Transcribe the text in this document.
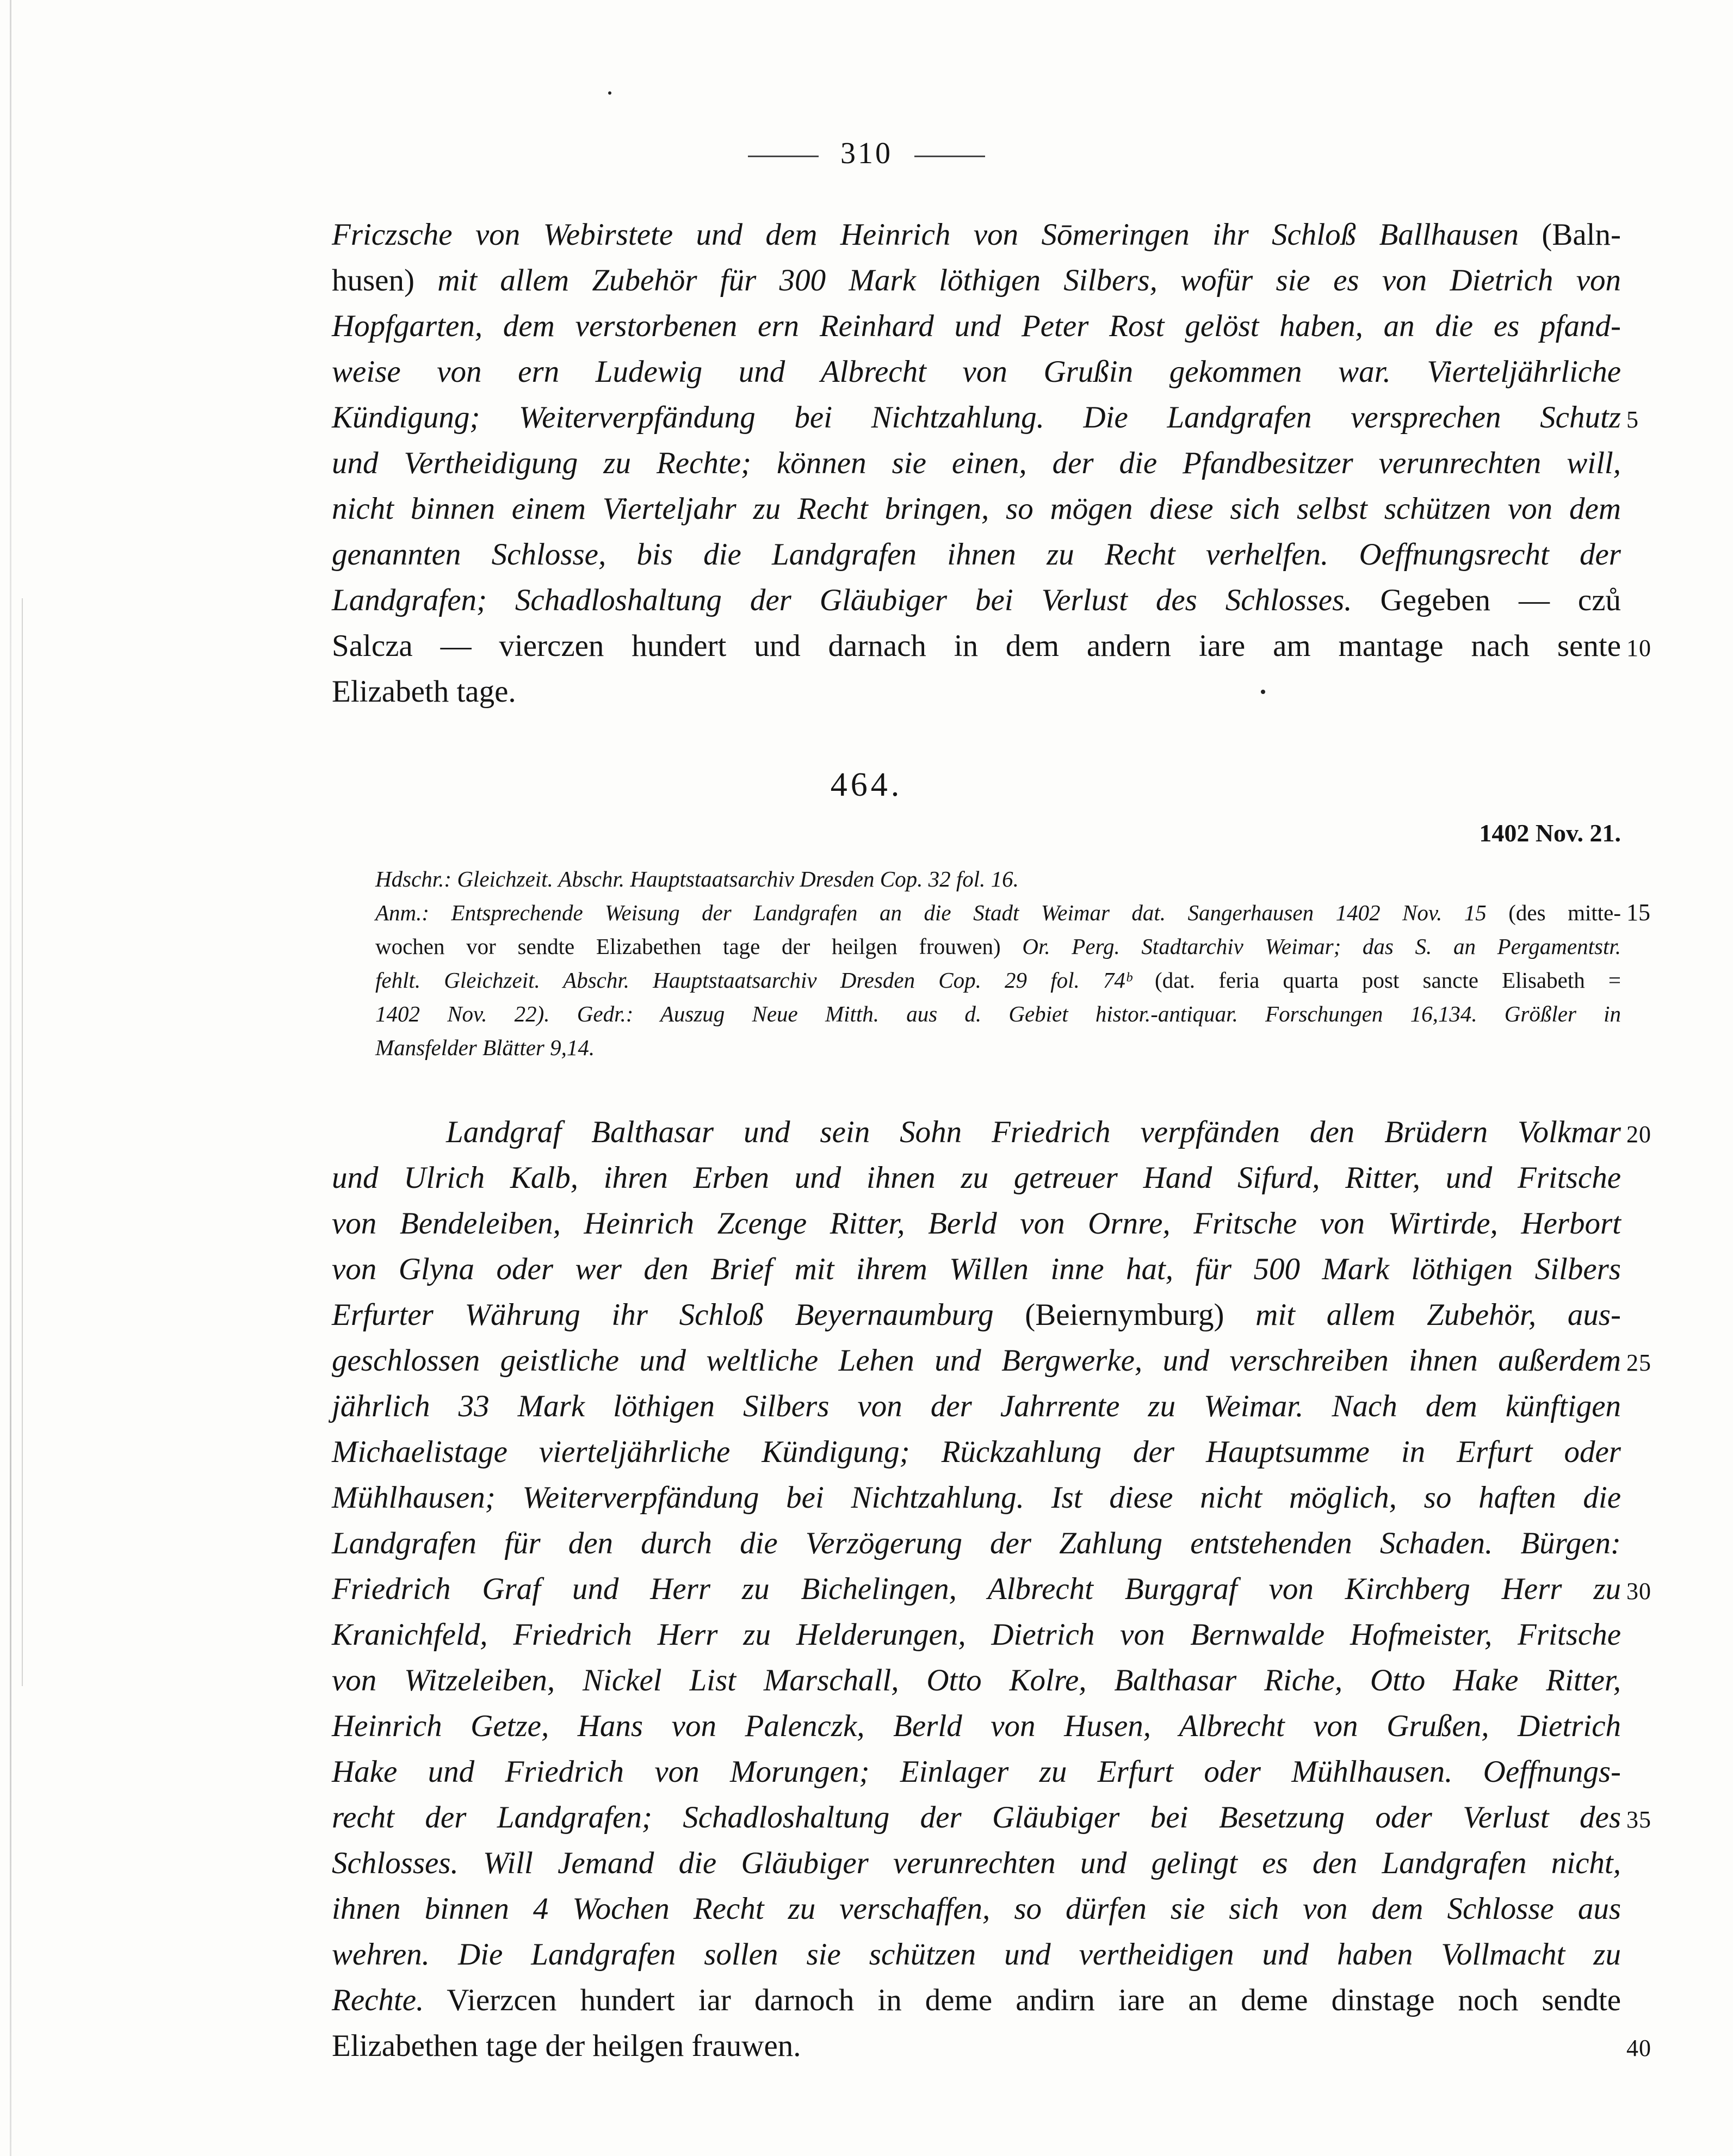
310
Friczsche von Webirstete und dem Heinrich von Sōmeringen ihr Schloß Ballhausen (Baln-
husen) mit allem Zubehör für 300 Mark löthigen Silbers, wofür sie es von Dietrich von
Hopfgarten, dem verstorbenen ern Reinhard und Peter Rost gelöst haben, an die es pfand-
weise von ern Ludewig und Albrecht von Grußin gekommen war. Vierteljährliche
Kündigung; Weiterverpfändung bei Nichtzahlung. Die Landgrafen versprechen Schutz 5
und Vertheidigung zu Rechte; können sie einen, der die Pfandbesitzer verunrechten will,
nicht binnen einem Vierteljahr zu Recht bringen, so mögen diese sich selbst schützen von dem
genannten Schlosse, bis die Landgrafen ihnen zu Recht verhelfen. Oeffnungsrecht der
Landgrafen; Schadloshaltung der Gläubiger bei Verlust des Schlosses. Gegeben — czů
Salcza — vierczen hundert und darnach in dem andern iare am mantage nach sente 10
Elizabeth tage.
464.
1402 Nov. 21.
Hdschr.: Gleichzeit. Abschr. Hauptstaatsarchiv Dresden Cop. 32 fol. 16.
Anm.: Entsprechende Weisung der Landgrafen an die Stadt Weimar dat. Sangerhausen 1402 Nov. 15 (des mitte- 15
wochen vor sendte Elizabethen tage der heilgen frouwen) Or. Perg. Stadtarchiv Weimar; das S. an Pergamentstr.
fehlt. Gleichzeit. Abschr. Hauptstaatsarchiv Dresden Cop. 29 fol. 74ᵇ (dat. feria quarta post sancte Elisabeth =
1402 Nov. 22). Gedr.: Auszug Neue Mitth. aus d. Gebiet histor.-antiquar. Forschungen 16,134. Größler in
Mansfelder Blätter 9,14.
Landgraf Balthasar und sein Sohn Friedrich verpfänden den Brüdern Volkmar 20
und Ulrich Kalb, ihren Erben und ihnen zu getreuer Hand Sifurd, Ritter, und Fritsche
von Bendeleiben, Heinrich Zcenge Ritter, Berld von Ornre, Fritsche von Wirtirde, Herbort
von Glyna oder wer den Brief mit ihrem Willen inne hat, für 500 Mark löthigen Silbers
Erfurter Währung ihr Schloß Beyernaumburg (Beiernymburg) mit allem Zubehör, aus-
geschlossen geistliche und weltliche Lehen und Bergwerke, und verschreiben ihnen außerdem 25
jährlich 33 Mark löthigen Silbers von der Jahrrente zu Weimar. Nach dem künftigen
Michaelistage vierteljährliche Kündigung; Rückzahlung der Hauptsumme in Erfurt oder
Mühlhausen; Weiterverpfändung bei Nichtzahlung. Ist diese nicht möglich, so haften die
Landgrafen für den durch die Verzögerung der Zahlung entstehenden Schaden. Bürgen:
Friedrich Graf und Herr zu Bichelingen, Albrecht Burggraf von Kirchberg Herr zu 30
Kranichfeld, Friedrich Herr zu Helderungen, Dietrich von Bernwalde Hofmeister, Fritsche
von Witzeleiben, Nickel List Marschall, Otto Kolre, Balthasar Riche, Otto Hake Ritter,
Heinrich Getze, Hans von Palenczk, Berld von Husen, Albrecht von Grußen, Dietrich
Hake und Friedrich von Morungen; Einlager zu Erfurt oder Mühlhausen. Oeffnungs-
recht der Landgrafen; Schadloshaltung der Gläubiger bei Besetzung oder Verlust des 35
Schlosses. Will Jemand die Gläubiger verunrechten und gelingt es den Landgrafen nicht,
ihnen binnen 4 Wochen Recht zu verschaffen, so dürfen sie sich von dem Schlosse aus
wehren. Die Landgrafen sollen sie schützen und vertheidigen und haben Vollmacht zu
Rechte. Vierzcen hundert iar darnoch in deme andirn iare an deme dinstage noch sendte
Elizabethen tage der heilgen frauwen.	40
